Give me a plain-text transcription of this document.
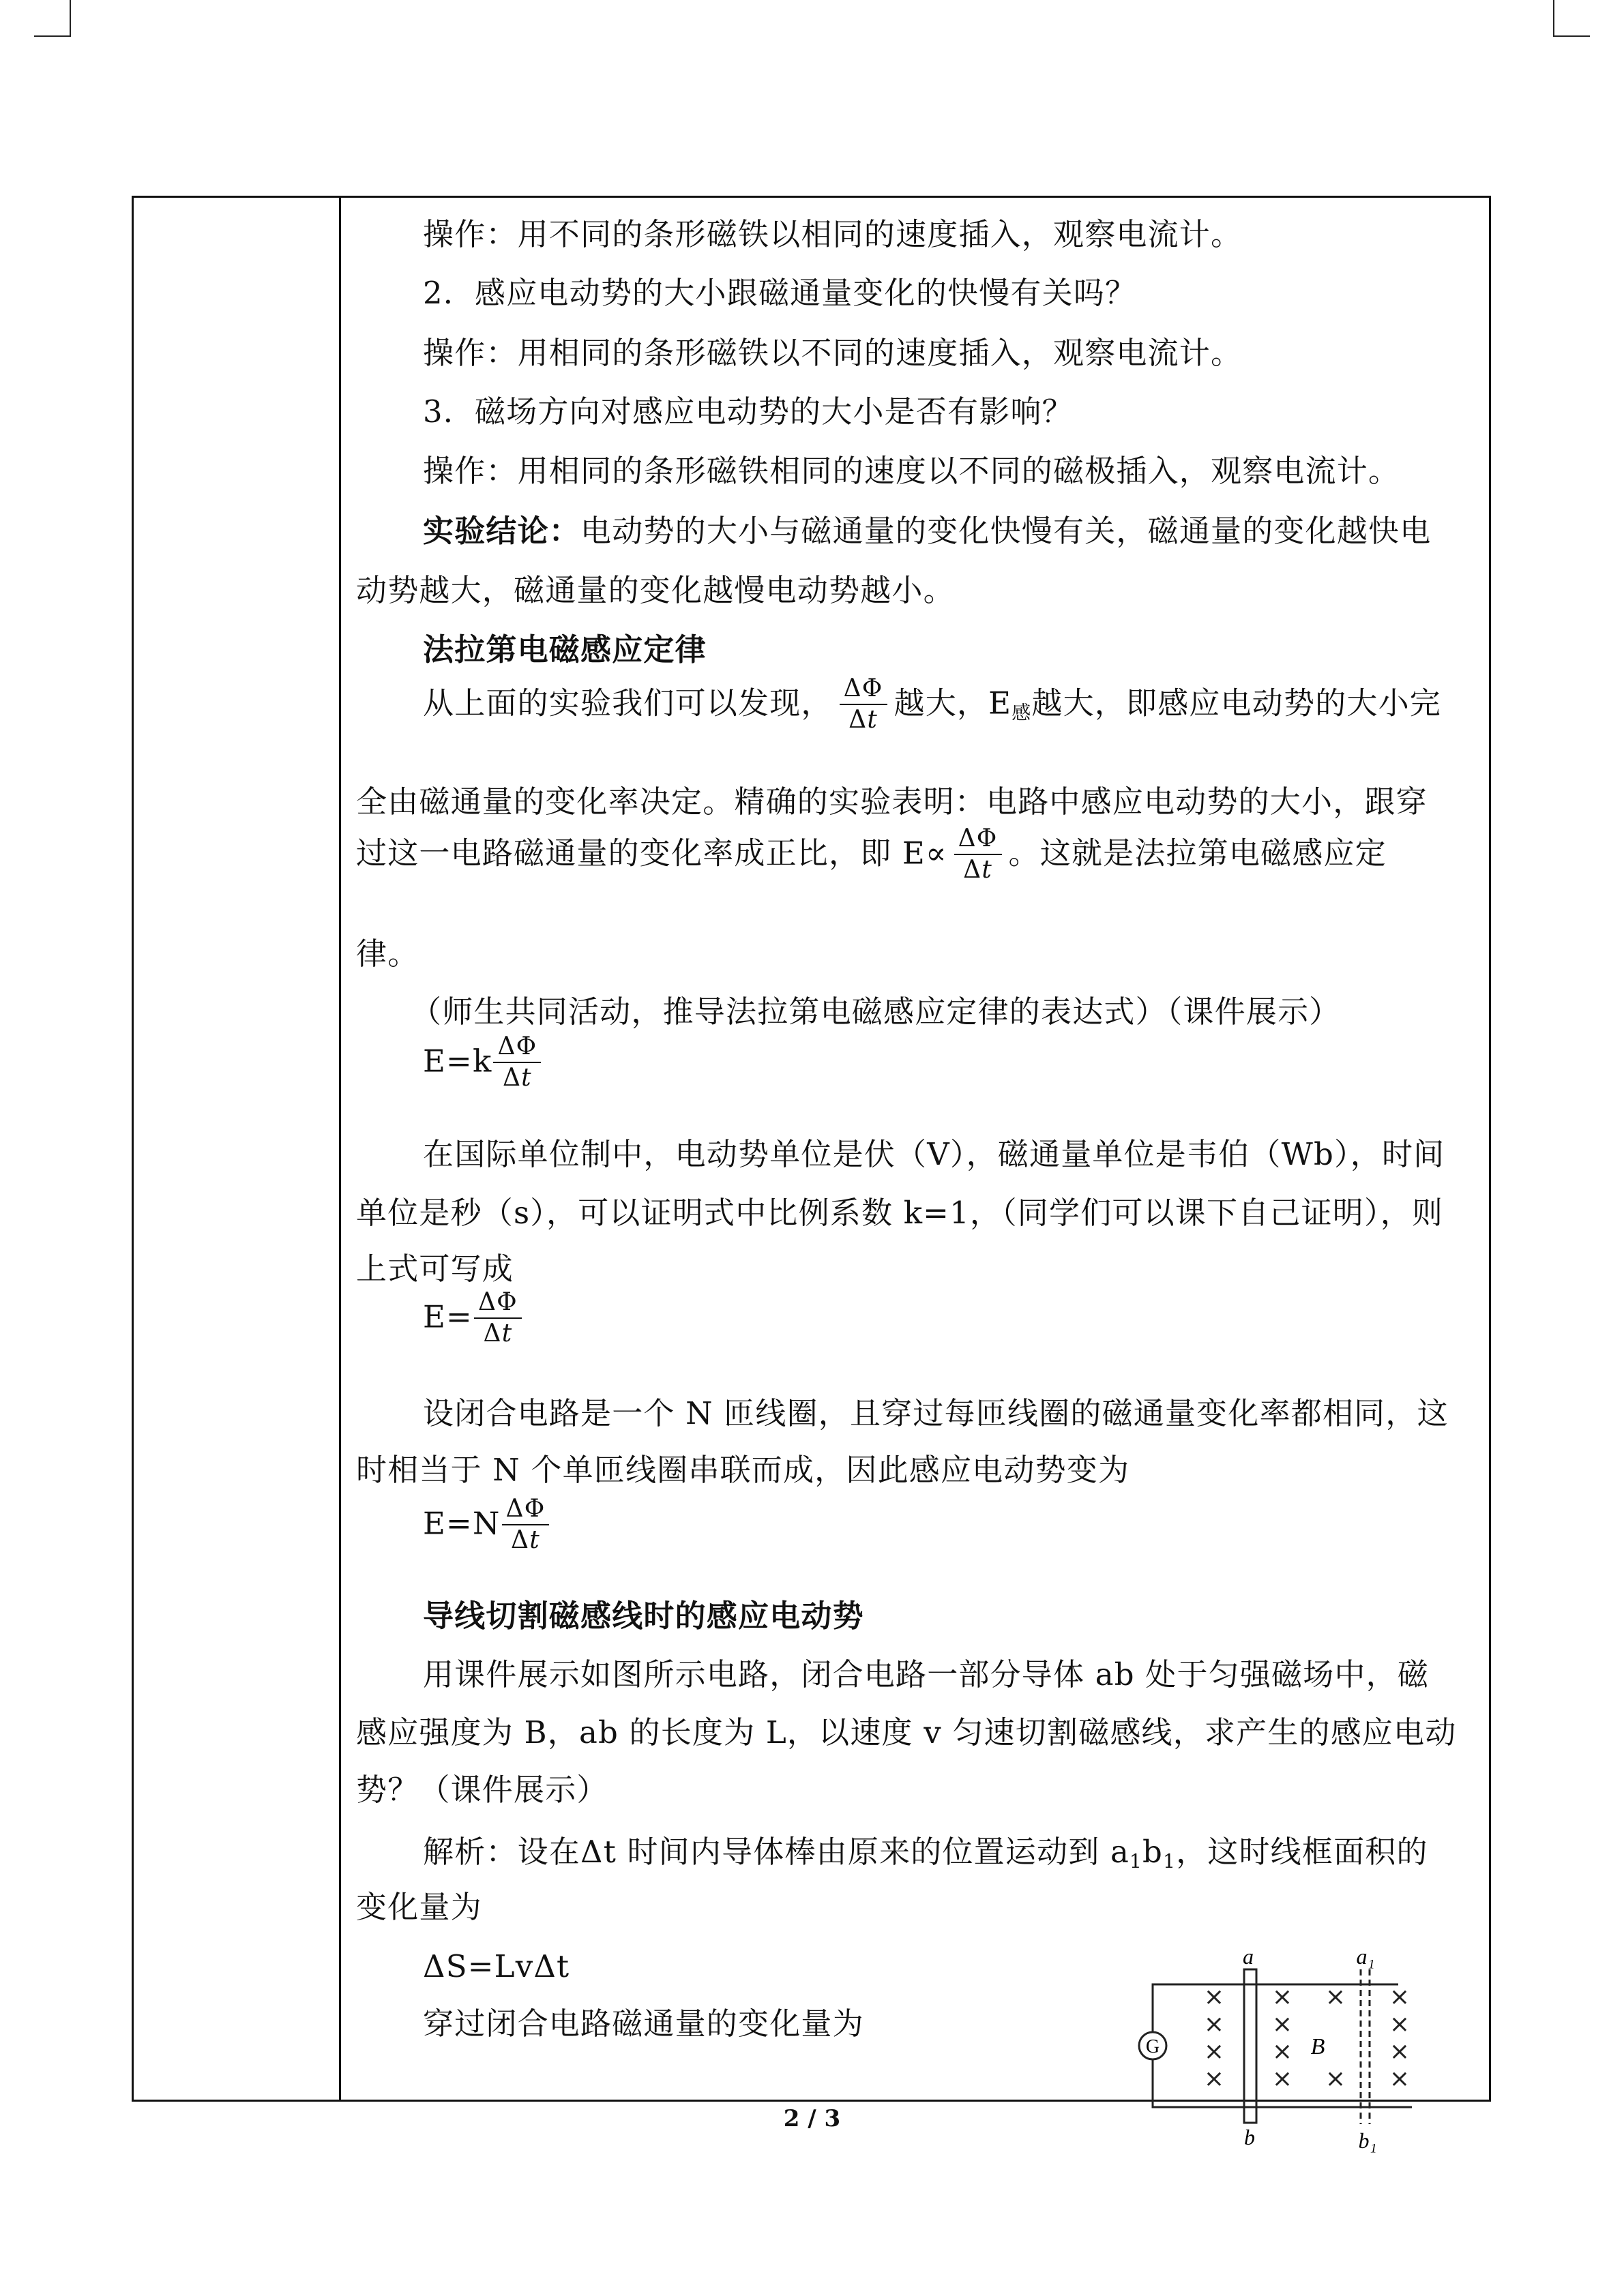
操作：用不同的条形磁铁以相同的速度插入，观察电流计。
2．感应电动势的大小跟磁通量变化的快慢有关吗？
操作：用相同的条形磁铁以不同的速度插入，观察电流计。
3．磁场方向对感应电动势的大小是否有影响？
操作：用相同的条形磁铁相同的速度以不同的磁极插入，观察电流计。
实验结论：电动势的大小与磁通量的变化快慢有关，磁通量的变化越快电
动势越大，磁通量的变化越慢电动势越小。
法拉第电磁感应定律
从上面的实验我们可以发现， $\frac{\Delta\Phi}{\Delta t}$ 越大，$E_感$越大，即感应电动势的大小完
全由磁通量的变化率决定。精确的实验表明：电路中感应电动势的大小，跟穿
过这一电路磁通量的变化率成正比，即 $E\propto \frac{\Delta\Phi}{\Delta t}$ 。这就是法拉第电磁感应定
律。
（师生共同活动，推导法拉第电磁感应定律的表达式）（课件展示）
$E=k \frac{\Delta\Phi}{\Delta t}$
在国际单位制中，电动势单位是伏（V），磁通量单位是韦伯（Wb），时间
单位是秒（s），可以证明式中比例系数 k=1，（同学们可以课下自己证明），则
上式可写成
$E= \frac{\Delta\Phi}{\Delta t}$
设闭合电路是一个 N 匝线圈，且穿过每匝线圈的磁通量变化率都相同，这
时相当于 N 个单匝线圈串联而成，因此感应电动势变为
$E=N \frac{\Delta\Phi}{\Delta t}$
导线切割磁感线时的感应电动势
用课件展示如图所示电路，闭合电路一部分导体 ab 处于匀强磁场中，磁
感应强度为 B，ab 的长度为 L，以速度 v 匀速切割磁感线，求产生的感应电动
势？（课件展示）
解析：设在Δt 时间内导体棒由原来的位置运动到 $a_1b_1$，这时线框面积的
变化量为
ΔS=LvΔt
穿过闭合电路磁通量的变化量为
G
a	a₁
b	b₁
B
×
×
×
×
×
×
×
×
×
×
×
×
×
×
2 / 3
